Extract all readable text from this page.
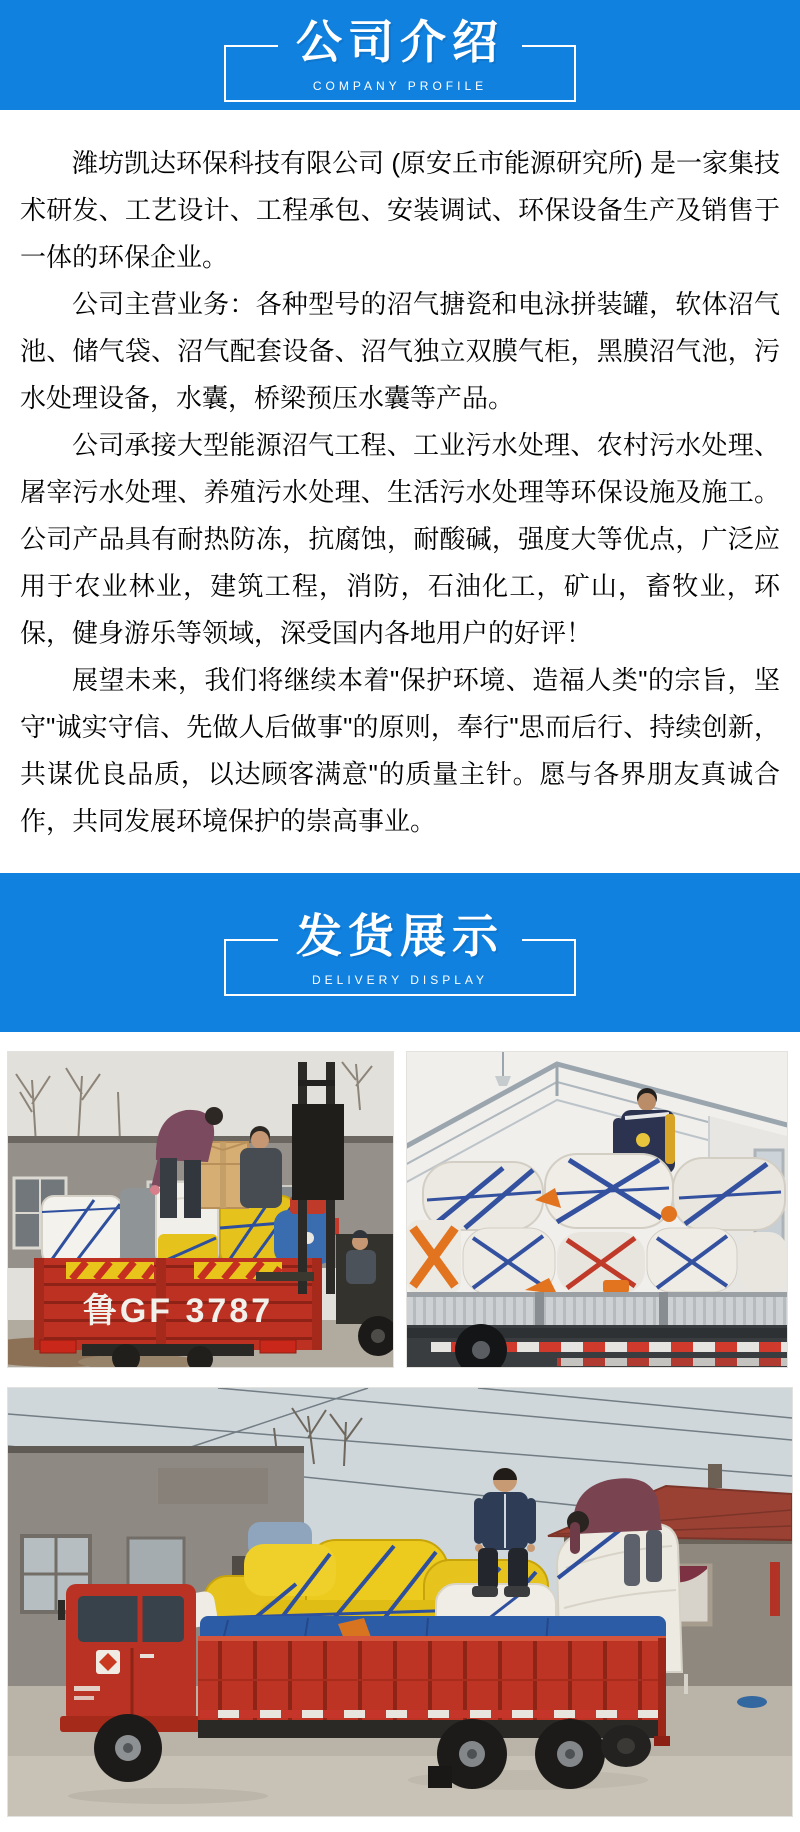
公司介绍
COMPANY PROFILE

潍坊凯达环保科技有限公司 (原安丘市能源研究所) 是一家集技术研发、工艺设计、工程承包、安装调试、环保设备生产及销售于一体的环保企业。

公司主营业务：各种型号的沼气搪瓷和电泳拼装罐，软体沼气池、储气袋、沼气配套设备、沼气独立双膜气柜，黑膜沼气池，污水处理设备，水囊，桥梁预压水囊等产品。

公司承接大型能源沼气工程、工业污水处理、农村污水处理、屠宰污水处理、养殖污水处理、生活污水处理等环保设施及施工。公司产品具有耐热防冻，抗腐蚀，耐酸碱，强度大等优点，广泛应用于农业林业，建筑工程，消防，石油化工，矿山，畜牧业，环保，健身游乐等领域，深受国内各地用户的好评！

展望未来，我们将继续本着"保护环境、造福人类"的宗旨，坚守"诚实守信、先做人后做事"的原则，奉行"思而后行、持续创新，共谋优良品质，以达顾客满意"的质量主针。愿与各界朋友真诚合作，共同发展环境保护的崇高事业。

发货展示
DELIVERY DISPLAY
鲁GF 3787
